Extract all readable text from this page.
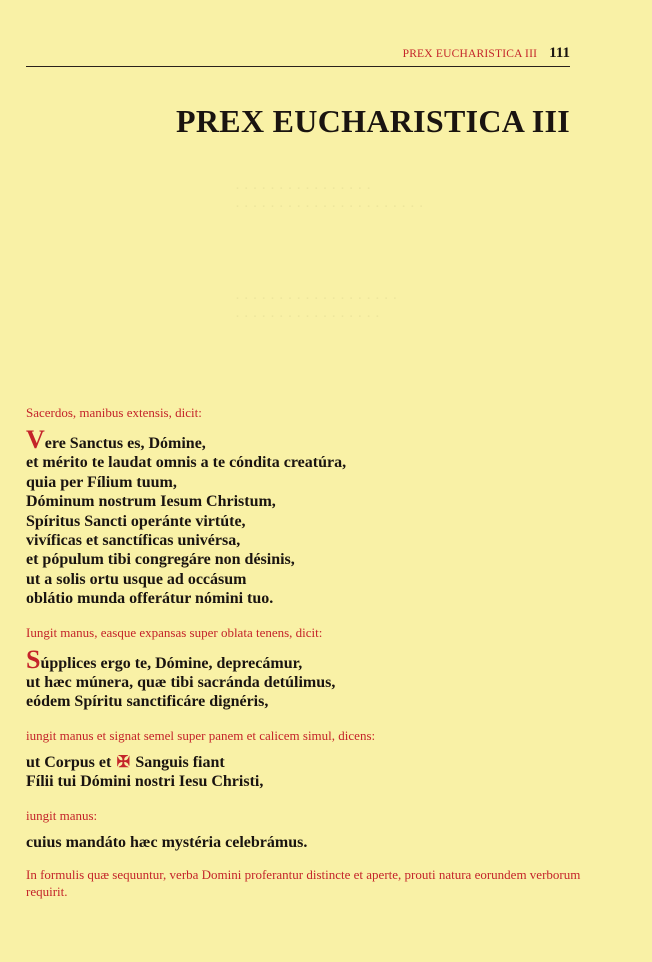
· · · · · · · · · · · · · · · ·
· · · · · · · · · · · · · · · · · · · · · ·
· · · · · · · · · · · · · · · · · · ·
· · · · · · · · · · · · · · · · ·
PREX EUCHARISTICA III 111
PREX EUCHARISTICA III

Sacerdos, manibus extensis, dicit:

Vere Sanctus es, Dómine,
et mérito te laudat omnis a te cóndita creatúra,
quia per Fílium tuum,
Dóminum nostrum Iesum Christum,
Spíritus Sancti operánte virtúte,
vivíficas et sanctíficas univérsa,
et pópulum tibi congregáre non désinis,
ut a solis ortu usque ad occásum
oblátio munda offerátur nómini tuo.

Iungit manus, easque expansas super oblata tenens, dicit:

Súpplices ergo te, Dómine, deprecámur,
ut hæc múnera, quæ tibi sacránda detúlimus,
eódem Spíritu sanctificáre dignéris,

iungit manus et signat semel super panem et calicem simul, dicens:

ut Corpus et ✠ Sanguis fiant
Fílii tui Dómini nostri Iesu Christi,

iungit manus:

cuius mandáto hæc mystéria celebrámus.

In formulis quæ sequuntur, verba Domini proferantur distincte et aperte, prouti natura eorundem verborum requirit.
